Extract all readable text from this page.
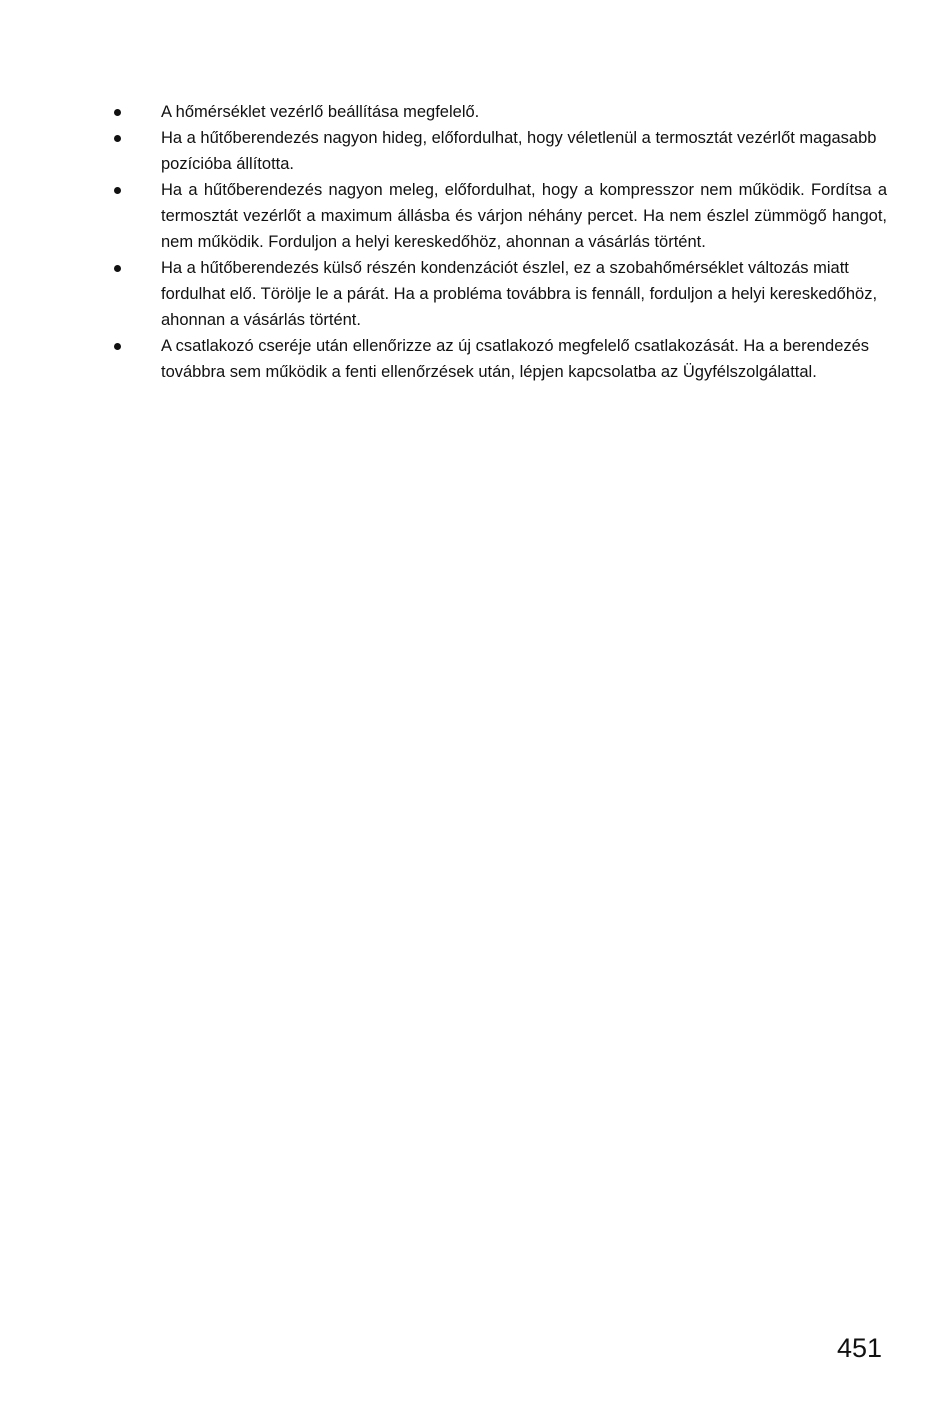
A hőmérséklet vezérlő beállítása megfelelő.
Ha a hűtőberendezés nagyon hideg, előfordulhat, hogy véletlenül a termosztát vezérlőt magasabb pozícióba állította.
Ha a hűtőberendezés nagyon meleg, előfordulhat, hogy a kompresszor nem működik. Fordítsa a termosztát vezérlőt a maximum állásba és várjon néhány percet. Ha nem észlel zümmögő hangot, nem működik. Forduljon a helyi kereskedőhöz, ahonnan a vásárlás történt.
Ha a hűtőberendezés külső részén kondenzációt észlel, ez a szobahőmérséklet változás miatt fordulhat elő. Törölje le a párát. Ha a probléma továbbra is fennáll, forduljon a helyi kereskedőhöz, ahonnan a vásárlás történt.
A csatlakozó cseréje után ellenőrizze az új csatlakozó megfelelő csatlakozását. Ha a berendezés továbbra sem működik a fenti ellenőrzések után, lépjen kapcsolatba az Ügyfélszolgálattal.
451
